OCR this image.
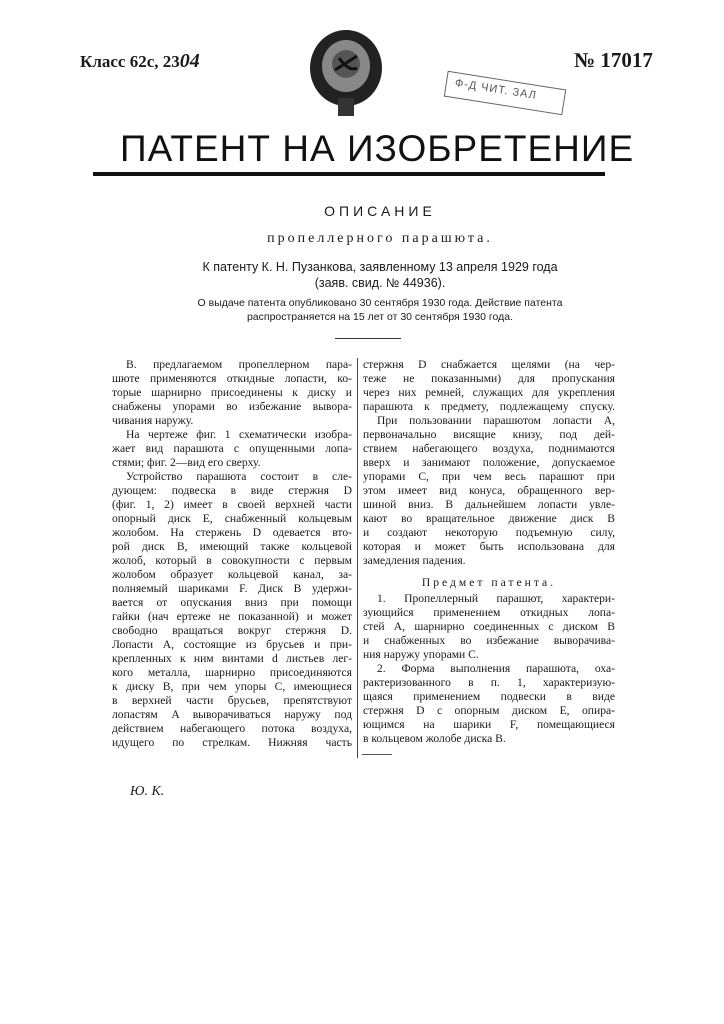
Класс 62с, 2304	№ 17017
Ф-Д ЧИТ. ЗАЛ
ПАТЕНТ НА ИЗОБРЕТЕНИЕ
ОПИСАНИЕ
пропеллерного парашюта.
К патенту К. Н. Пузанкова, заявленному 13 апреля 1929 года
(заяв. свид. № 44936).
О выдаче патента опубликовано 30 сентября 1930 года. Действие патента
распространяется на 15 лет от 30 сентября 1930 года.
В. предлагаемом пропеллерном пара-
шюте применяются откидные лопасти, ко-
торые шарнирно присоединены к диску и
снабжены упорами во избежание вывора-
чивания наружу.
На чертеже фиг. 1 схематически изобра-
жает вид парашюта с опущенными лопа-
стями; фиг. 2—вид его сверху.
Устройство парашюта состоит в сле-
дующем: подвеска в виде стержня D
(фиг. 1, 2) имеет в своей верхней части
опорный диск E, снабженный кольцевым
жолобом. На стержень D одевается вто-
рой диск B, имеющий также кольцевой
жолоб, который в совокупности с первым
жолобом образует кольцевой канал, за-
полняемый шариками F. Диск B удержи-
вается от опускания вниз при помощи
гайки (нач ертеже не показанной) и может
свободно вращаться вокруг стержня D.
Лопасти A, состоящие из брусьев и при-
крепленных к ним винтами d листьев лег-
кого металла, шарнирно присоединяются
к диску B, при чем упоры C, имеющиеся
в верхней части брусьев, препятствуют
лопастям A выворачиваться наружу под
действием набегающего потока воздуха,
идущего по стрелкам. Нижняя часть
стержня D снабжается щелями (на чер-
теже не показанными) для пропускания
через них ремней, служащих для укрепления
парашюта к предмету, подлежащему спуску.
При пользовании парашютом лопасти A,
первоначально висящие книзу, под дей-
ствием набегающего воздуха, поднимаются
вверх и занимают положение, допускаемое
упорами C, при чем весь парашют при
этом имеет вид конуса, обращенного вер-
шиной вниз. В дальнейшем лопасти увле-
кают во вращательное движение диск B
и создают некоторую подъемную силу,
которая и может быть использована для
замедления падения.
Предмет патента.
1. Пропеллерный парашют, характери-
зующийся применением откидных лопа-
стей A, шарнирно соединенных с диском B
и снабженных во избежание выворачива-
ния наружу упорами C.
2. Форма выполнения парашюта, оха-
рактеризованного в п. 1, характеризую-
щаяся применением подвески в виде
стержня D с опорным диском E, опира-
ющимся на шарики F, помещающиеся
в кольцевом жолобе диска B.
Ю. К.
